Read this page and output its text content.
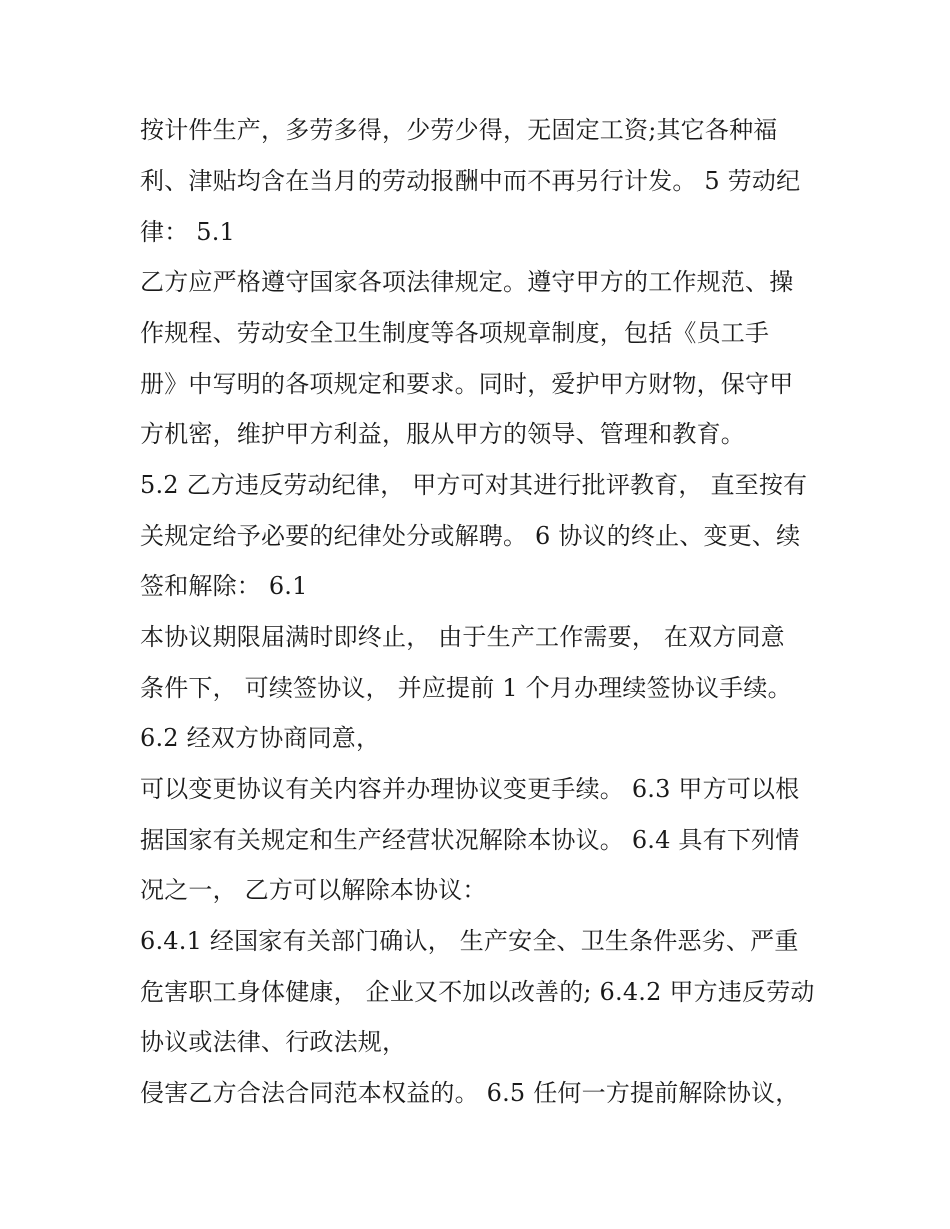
按计件生产，多劳多得，少劳少得，无固定工资;其它各种福
利、津贴均含在当月的劳动报酬中而不再另行计发。 5 劳动纪
律： 5.1
乙方应严格遵守国家各项法律规定。遵守甲方的工作规范、操
作规程、劳动安全卫生制度等各项规章制度，包括《员工手
册》中写明的各项规定和要求。同时，爱护甲方财物，保守甲
方机密，维护甲方利益，服从甲方的领导、管理和教育。
5.2 乙方违反劳动纪律， 甲方可对其进行批评教育， 直至按有
关规定给予必要的纪律处分或解聘。 6 协议的终止、变更、续
签和解除： 6.1
本协议期限届满时即终止， 由于生产工作需要， 在双方同意
条件下， 可续签协议， 并应提前 1 个月办理续签协议手续。
6.2 经双方协商同意，
可以变更协议有关内容并办理协议变更手续。 6.3 甲方可以根
据国家有关规定和生产经营状况解除本协议。 6.4 具有下列情
况之一， 乙方可以解除本协议：
6.4.1 经国家有关部门确认， 生产安全、卫生条件恶劣、严重
危害职工身体健康， 企业又不加以改善的; 6.4.2 甲方违反劳动
协议或法律、行政法规，
侵害乙方合法合同范本权益的。 6.5 任何一方提前解除协议，
